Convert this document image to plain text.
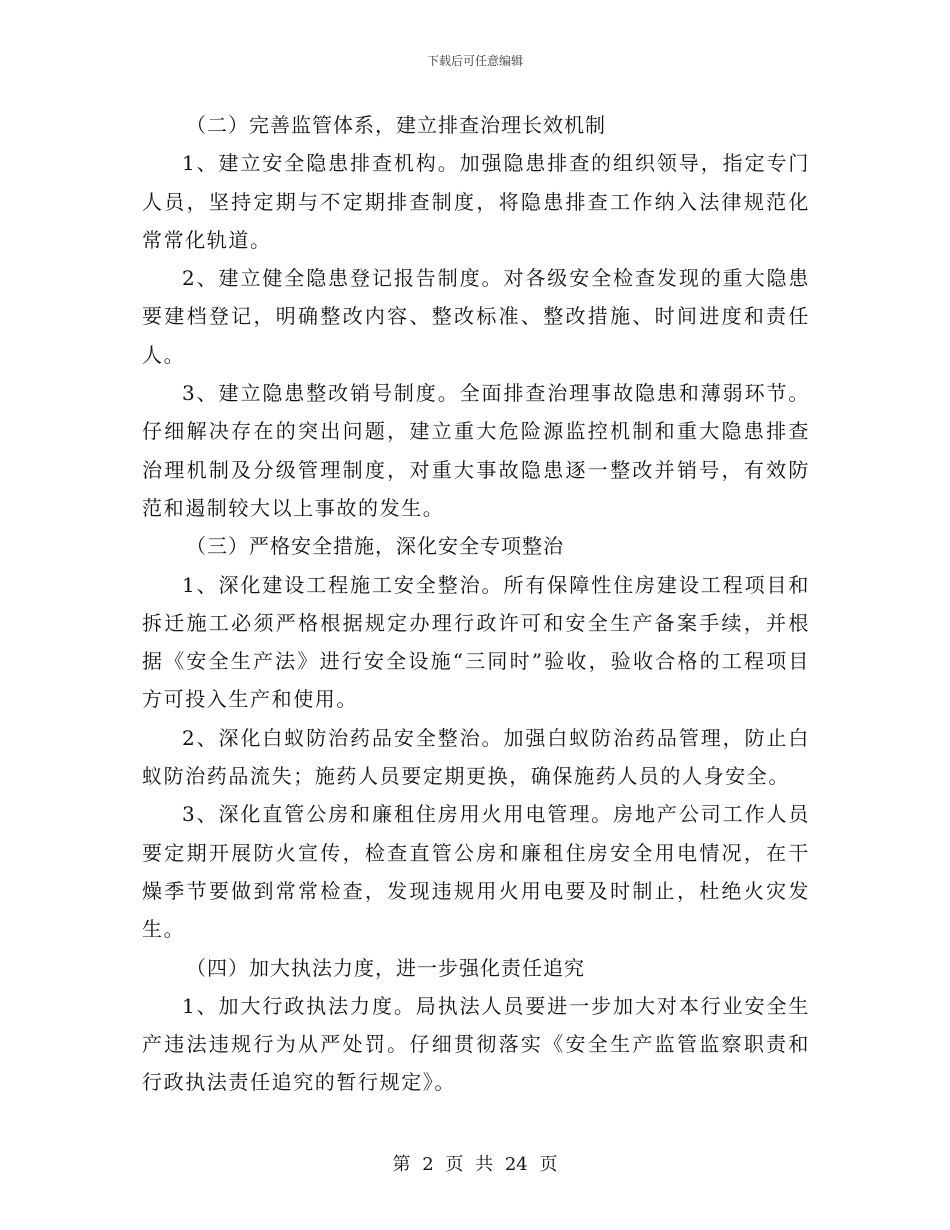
下载后可任意编辑

（二）完善监管体系，建立排查治理长效机制

1、建立安全隐患排查机构。加强隐患排查的组织领导，指定专门人员，坚持定期与不定期排查制度，将隐患排查工作纳入法律规范化常常化轨道。

2、建立健全隐患登记报告制度。对各级安全检查发现的重大隐患要建档登记，明确整改内容、整改标准、整改措施、时间进度和责任人。

3、建立隐患整改销号制度。全面排查治理事故隐患和薄弱环节。仔细解决存在的突出问题，建立重大危险源监控机制和重大隐患排查治理机制及分级管理制度，对重大事故隐患逐一整改并销号，有效防范和遏制较大以上事故的发生。

（三）严格安全措施，深化安全专项整治

1、深化建设工程施工安全整治。所有保障性住房建设工程项目和拆迁施工必须严格根据规定办理行政许可和安全生产备案手续，并根据《安全生产法》进行安全设施“三同时”验收，验收合格的工程项目方可投入生产和使用。

2、深化白蚁防治药品安全整治。加强白蚁防治药品管理，防止白蚁防治药品流失；施药人员要定期更换，确保施药人员的人身安全。

3、深化直管公房和廉租住房用火用电管理。房地产公司工作人员要定期开展防火宣传，检查直管公房和廉租住房安全用电情况，在干燥季节要做到常常检查，发现违规用火用电要及时制止，杜绝火灾发生。

（四）加大执法力度，进一步强化责任追究

1、加大行政执法力度。局执法人员要进一步加大对本行业安全生产违法违规行为从严处罚。仔细贯彻落实《安全生产监管监察职责和行政执法责任追究的暂行规定》。

第 2 页 共 24 页
